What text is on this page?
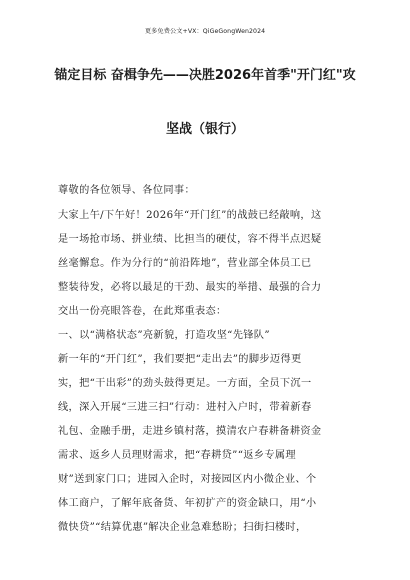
更多免费公文+VX：QiGeGongWen2024
锚定目标 奋楫争先——决胜2026年首季"开门红"攻
坚战（银行）
尊敬的各位领导、各位同事：
大家上午/下午好！2026年“开门红”的战鼓已经敲响，这
是一场抢市场、拼业绩、比担当的硬仗，容不得半点迟疑
丝毫懈怠。作为分行的“前沿阵地”，营业部全体员工已
整装待发，必将以最足的干劲、最实的举措、最强的合力
交出一份亮眼答卷，在此郑重表态：
一、以“满格状态”亮新貌，打造攻坚“先锋队”
新一年的“开门红”，我们要把“走出去”的脚步迈得更
实，把“干出彩”的劲头鼓得更足。一方面，全员下沉一
线，深入开展“三进三扫”行动：进村入户时，带着新春
礼包、金融手册，走进乡镇村落，摸清农户春耕备耕资金
需求、返乡人员理财需求，把“春耕贷”“返乡专属理
财”送到家门口；进园入企时，对接园区内小微企业、个
体工商户，了解年底备货、年初扩产的资金缺口，用“小
微快贷”“结算优惠”解决企业急难愁盼；扫街扫楼时，
